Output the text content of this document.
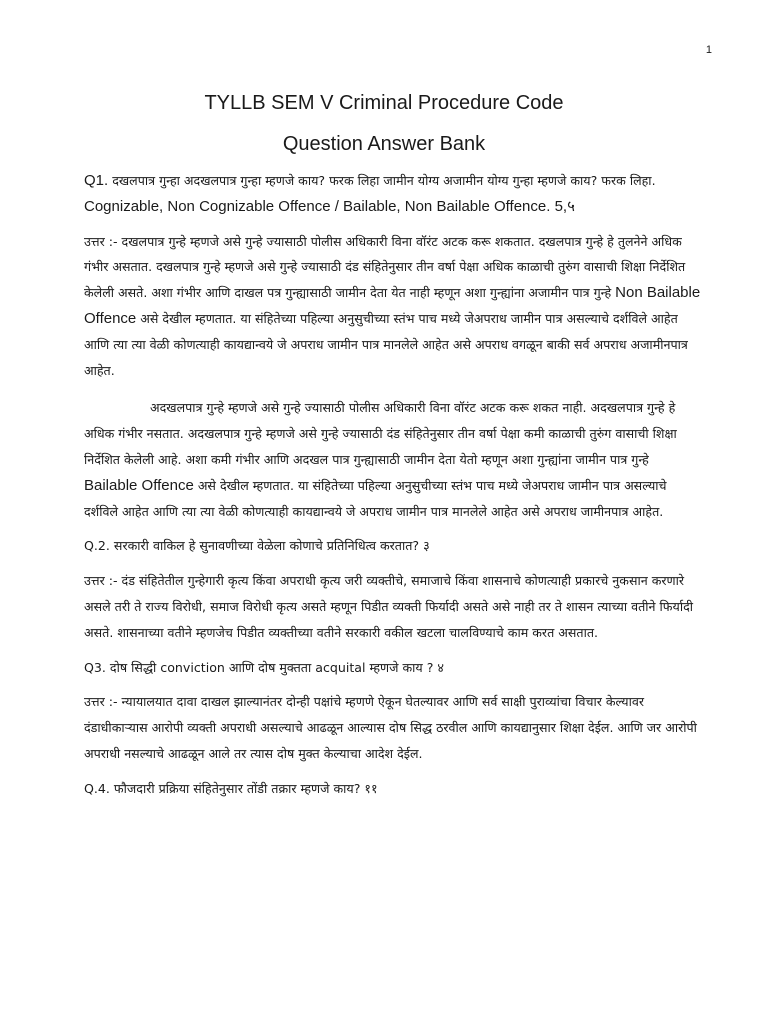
1
TYLLB SEM V Criminal Procedure Code
Question Answer Bank

Q1. दखलपात्र गुन्हा अदखलपात्र गुन्हा म्हणजे काय? फरक लिहा जामीन योग्य अजामीन योग्य गुन्हा म्हणजे काय? फरक लिहा. Cognizable, Non Cognizable Offence / Bailable, Non Bailable Offence. 5,५

उत्तर :- दखलपात्र गुन्हे म्हणजे असे गुन्हे ज्यासाठी पोलीस अधिकारी विना वॉरंट अटक करू शकतात. दखलपात्र गुन्हे हे तुलनेने अधिक गंभीर असतात. दखलपात्र गुन्हे म्हणजे असे गुन्हे ज्यासाठी दंड संहितेनुसार तीन वर्षा पेक्षा अधिक काळाची तुरुंग वासाची शिक्षा निर्देशित केलेली असते. अशा गंभीर आणि दाखल पत्र गुन्ह्यासाठी जामीन देता येत नाही म्हणून अशा गुन्ह्यांना अजामीन पात्र गुन्हे Non Bailable Offence असे देखील म्हणतात. या संहितेच्या पहिल्या अनुसुचीच्या स्तंभ पाच मध्ये जेअपराध जामीन पात्र असल्याचे दर्शविले आहेत आणि त्या त्या वेळी कोणत्याही कायद्यान्वये जे अपराध जामीन पात्र मानलेले आहेत असे अपराध वगळून बाकी सर्व अपराध अजामीनपात्र आहेत.

अदखलपात्र गुन्हे म्हणजे असे गुन्हे ज्यासाठी पोलीस अधिकारी विना वॉरंट अटक करू शकत नाही. अदखलपात्र गुन्हे हे अधिक गंभीर नसतात. अदखलपात्र गुन्हे म्हणजे असे गुन्हे ज्यासाठी दंड संहितेनुसार तीन वर्षा पेक्षा कमी काळाची तुरुंग वासाची शिक्षा निर्देशित केलेली आहे. अशा कमी गंभीर आणि अदखल पात्र गुन्ह्यासाठी जामीन देता येतो म्हणून अशा गुन्ह्यांना जामीन पात्र गुन्हे Bailable Offence असे देखील म्हणतात. या संहितेच्या पहिल्या अनुसुचीच्या स्तंभ पाच मध्ये जेअपराध जामीन पात्र असल्याचे दर्शविले आहेत आणि त्या त्या वेळी कोणत्याही कायद्यान्वये जे अपराध जामीन पात्र मानलेले आहेत असे अपराध जामीनपात्र आहेत.

Q.2. सरकारी वाकिल हे सुनावणीच्या वेळेला कोणाचे प्रतिनिधित्व करतात? ३

उत्तर :- दंड संहितेतील गुन्हेगारी कृत्य किंवा अपराधी कृत्य जरी व्यक्तीचे, समाजाचे किंवा शासनाचे कोणत्याही प्रकारचे नुकसान करणारे असले तरी ते राज्य विरोधी, समाज विरोधी कृत्य असते म्हणून पिडीत व्यक्ती फिर्यादी असते असे नाही तर ते शासन त्याच्या वतीने फिर्यादी असते. शासनाच्या वतीने म्हणजेच पिडीत व्यक्तीच्या वतीने सरकारी वकील खटला चालविण्याचे काम करत असतात.

Q3. दोष सिद्धी conviction आणि दोष मुक्तता acquital म्हणजे काय ? ४

उत्तर :- न्यायालयात दावा दाखल झाल्यानंतर दोन्ही पक्षांचे म्हणणे ऐकून घेतल्यावर आणि सर्व साक्षी पुराव्यांचा विचार केल्यावर दंडाधीकाऱ्यास आरोपी व्यक्ती अपराधी असल्याचे आढळून आल्यास दोष सिद्ध ठरवील आणि कायद्यानुसार शिक्षा देईल. आणि जर आरोपी अपराधी नसल्याचे आढळून आले तर त्यास दोष मुक्त केल्याचा आदेश देईल.

Q.4. फौजदारी प्रक्रिया संहितेनुसार तोंडी तक्रार म्हणजे काय? ११
